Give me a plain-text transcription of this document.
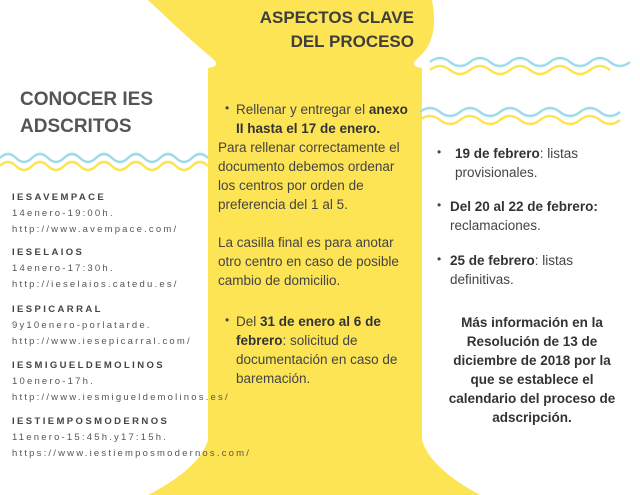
ASPECTOS CLAVE
DEL PROCESO
CONOCER IES
ADSCRITOS
IESAVEMPACE
14enero-19:00h.
http://www.avempace.com/
IESELAIOS
14enero-17:30h.
http://ieselaios.catedu.es/
IESPICARRAL
9y10enero-porlatarde.
http://www.iesepicarral.com/
IESMIGUELDEMOLINOS
10enero-17h.
http://www.iesmigueldemolinos.es/
IESTIEMPOSMODERNOS
11enero-15:45h.y17:15h.
https://www.iestiemposmodernos.com/
• Rellenar y entregar el anexo
II hasta el 17 de enero.
Para rellenar correctamente el
documento debemos ordenar
los centros por orden de
preferencia del 1 al 5.
La casilla final es para anotar
otro centro en caso de posible
cambio de domicilio.
• Del 31 de enero al 6 de
febrero: solicitud de
documentación en caso de
baremación.
• 19 de febrero: listas
provisionales.
• Del 20 al 22 de febrero:
reclamaciones.
• 25 de febrero: listas
definitivas.
Más información en la
Resolución de 13 de
diciembre de 2018 por la
que se establece el
calendario del proceso de
adscripción.
